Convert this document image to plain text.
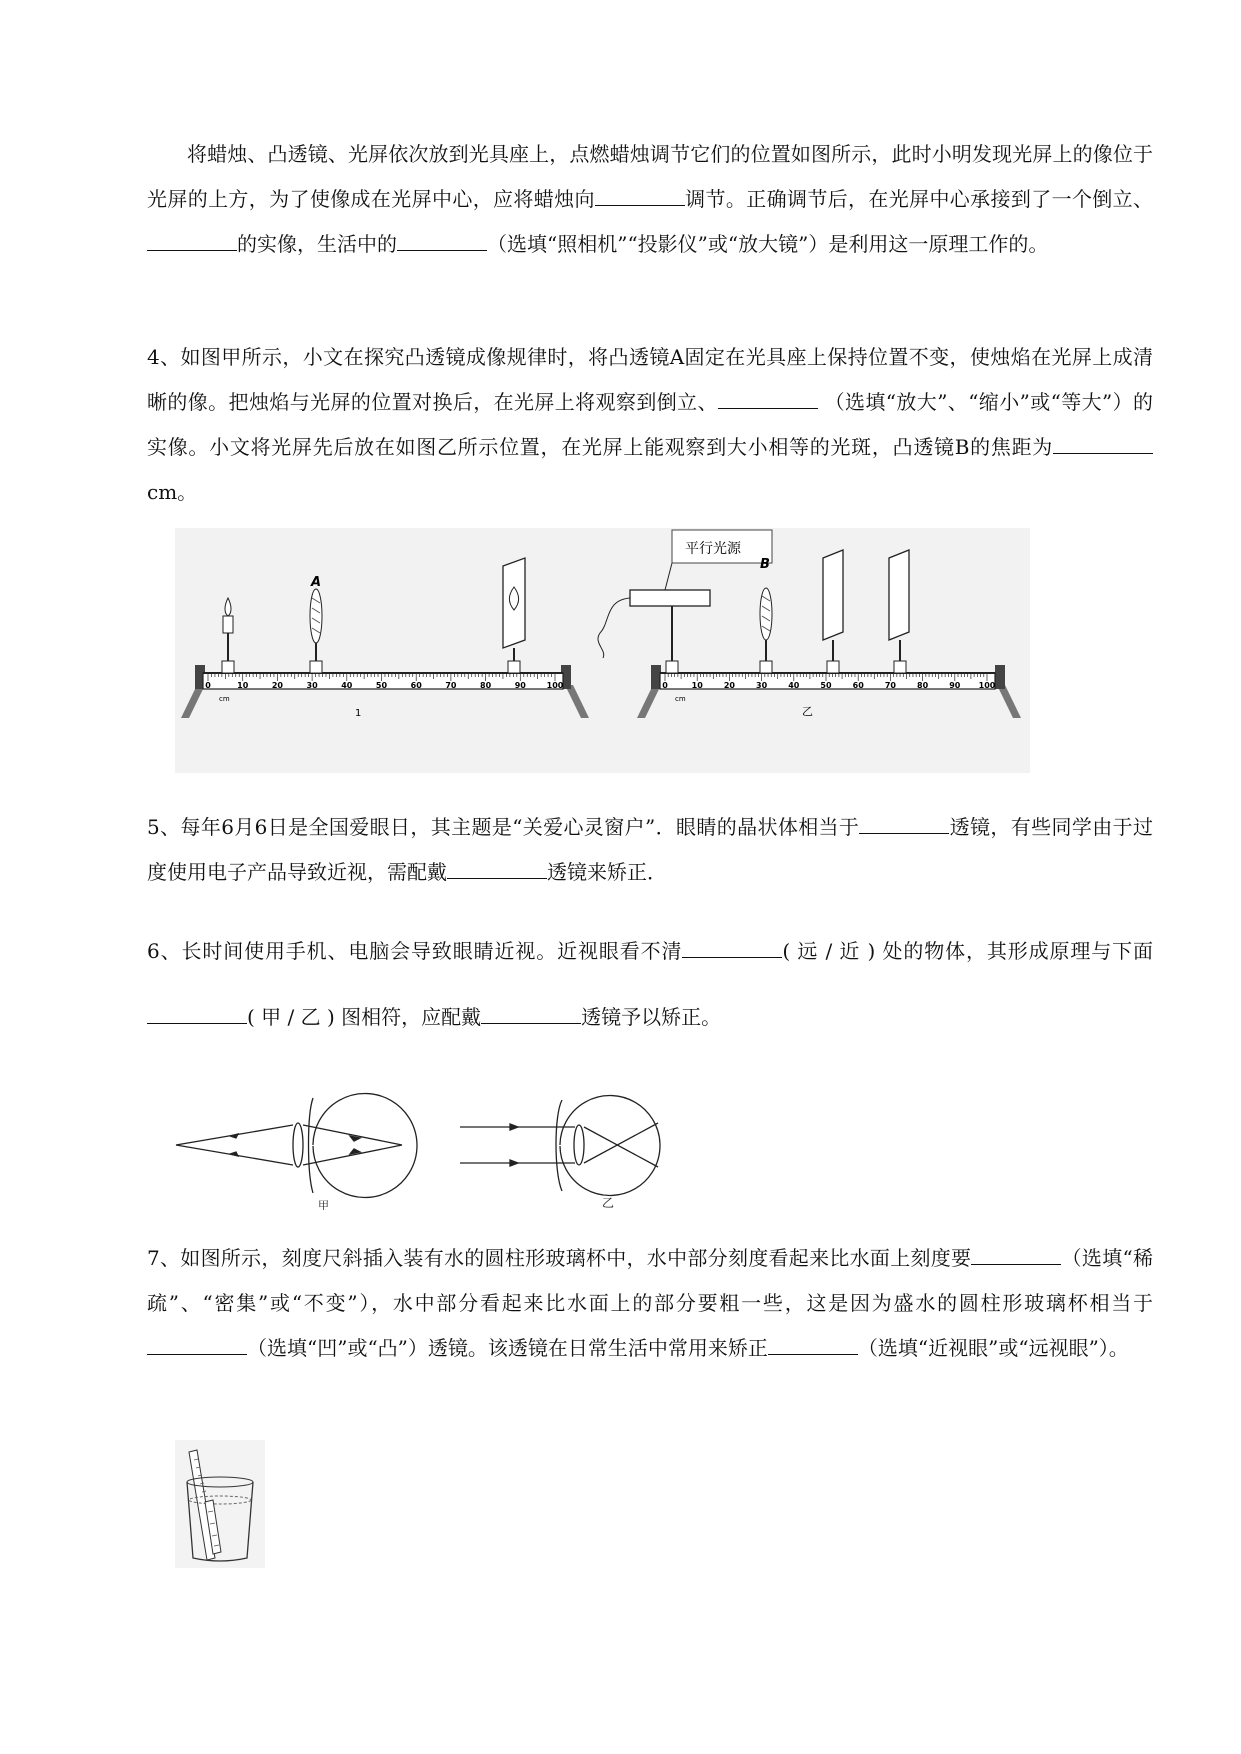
将蜡烛、凸透镜、光屏依次放到光具座上，点燃蜡烛调节它们的位置如图所示，此时小明发现光屏上的像位于光屏的上方，为了使像成在光屏中心，应将蜡烛向	调节。正确调节后，在光屏中心承接到了一个倒立、的实像，生活中的	（选填“照相机”“投影仪”或“放大镜”）是利用这一原理工作的。

4、如图甲所示，小文在探究凸透镜成像规律时，将凸透镜A固定在光具座上保持位置不变，使烛焰在光屏上成清晰的像。把烛焰与光屏的位置对换后，在光屏上将观察到倒立、	（选填“放大”、“缩小”或“等大”）的实像。小文将光屏先后放在如图乙所示位置，在光屏上能观察到大小相等的光斑，凸透镜B的焦距为 cm。

0	10	20	30	40	50	60	70	80	90	100
cm
A
1
0	10	20	30	40	50	60	70	80	90 100
cm
平行光源
B
乙

5、每年6月6日是全国爱眼日，其主题是“关爱心灵窗户”．眼睛的晶状体相当于	透镜，有些同学由于过度使用电子产品导致近视，需配戴	透镜来矫正．

6、长时间使用手机、电脑会导致眼睛近视。近视眼看不清	( 远 / 近 ) 处的物体，其形成原理与下面( 甲 / 乙 ) 图相符，应配戴	透镜予以矫正。

甲	乙

7、如图所示，刻度尺斜插入装有水的圆柱形玻璃杯中，水中部分刻度看起来比水面上刻度要	（选填“稀疏”、“密集”或“不变”），水中部分看起来比水面上的部分要粗一些，这是因为盛水的圆柱形玻璃杯相当于（选填“凹”或“凸”）透镜。该透镜在日常生活中常用来矫正	（选填“近视眼”或“远视眼”）。
